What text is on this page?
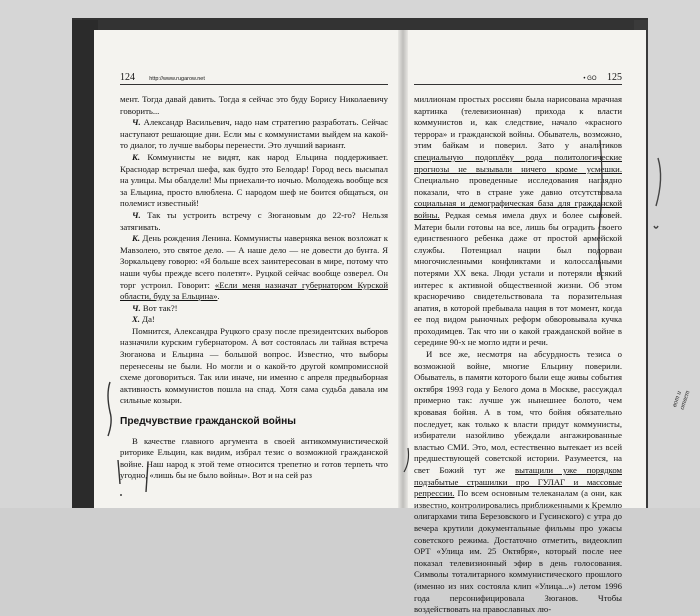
124	http://www.rugarow.net

мент. Тогда давай давить. Тогда я сейчас это буду Борису Николаевичу говорить...

Ч. Александр Васильевич, надо нам стратегию разработать. Сейчас наступают решающие дни. Если мы с коммунистами выйдем на какой-то диалог, то лучше выборы перенести. Это лучший вариант.

К. Коммунисты не видят, как народ Ельцина поддерживает. Краснодар встречал шефа, как будто это Белодар! Город весь высыпал на улицы. Мы обалдели! Мы приехали-то ночью. Молодежь вообще вся за Ельцина, просто влюблена. С народом шеф не боится общаться, он полемист известный!

Ч. Так ты устроить встречу с Зюгановым до 22-го? Нельзя затягивать.

К. День рождения Ленина. Коммунисты наверняка венок возложат к Мавзолею, это святое дело. — А наше дело — не довести до бунта. Я Зоркальцеву говорю: «Я больше всех заинтересован в мире, потому что наши чубы прежде всего полетят». Руцкой сейчас вообще озверел. Он торг устроил. Говорит: «Если меня назначат губернатором Курской области, буду за Ельцина».

Ч. Вот так?!

Х. Да!

Помнится, Александра Руцкого сразу после президентских выборов назначили курским губернатором. А вот состоялась ли тайная встреча Зюганова и Ельцина — большой вопрос. Известно, что выборы перенесены не были. Но могли и о какой-то другой компромиссной схеме договориться. Так или иначе, ни именно с апреля предвыборная активность коммунистов пошла на спад. Хотя сама судьба давала им сильные козыри.

Предчувствие гражданской войны

В качестве главного аргумента в своей антикоммунистической риторике Ельцин, как видим, избрал тезис о возможной гражданской войне. Наш народ к этой теме относится трепетно и готов терпеть что угодно, «лишь бы не было войны». Вот и на сей раз

• GO 125

миллионам простых россиян была нарисована мрачная картинка (телевизионная) прихода к власти коммунистов и, как следствие, начало «красного террора» и гражданской войны. Обыватель, возможно, этим байкам и поверил. Зато у аналитиков специальную подоплёку рода политологические прогнозы не вызывали ничего кроме усмешки. Специально проведенные исследования наглядно показали, что в стране уже давно отсутствовала социальная и демографическая база для гражданской войны. Редкая семья имела двух и более сыновей. Матери были готовы на все, лишь бы оградить своего единственного ребенка даже от простой армейской службы. Потенциал нации был подорван многочисленными конфликтами и колоссальными потерями XX века. Люди устали и потеряли всякий интерес к активной общественной жизни. Об этом красноречиво свидетельствовала та поразительная апатия, в которой пребывала нация в тот момент, когда ее под видом рыночных реформ обворовывала кучка проходимцев. Так что ни о какой гражданской войне в середине 90-х не могло идти и речи.

И все же, несмотря на абсурдность тезиса о возможной войне, многие Ельцину поверили. Обыватель, в памяти которого были еще живы события октября 1993 года у Белого дома в Москве, рассуждал примерно так: лучше уж нынешнее болото, чем кровавая бойня. А в том, что бойня обязательно последует, как только к власти придут коммунисты, избиратели назойливо убеждали ангажированные властью СМИ. Это, мол, естественно вытекает из всей предшествующей советской истории. Разумеется, на свет Божий тут же вытащили уже порядком подзабытые страшилки про ГУЛАГ и массовые репрессии. По всем основным телеканалам (а они, как известно, контролировались приближенными к Кремлю олигархами типа Березовского и Гусинского) с утра до вечера крутили документальные фильмы про ужасы советского режима. Достаточно отметить, видеоклип ОРТ «Улица им. 25 Октября», который после нее показал телевизионный эфир в день голосования. Символы тоталитарного коммунистического прошлого (именно из них состояла клип «Улица...») летом 1996 года персонифицировала Зюганов. Чтобы воздействовать на православных лю-

вот и ответ
